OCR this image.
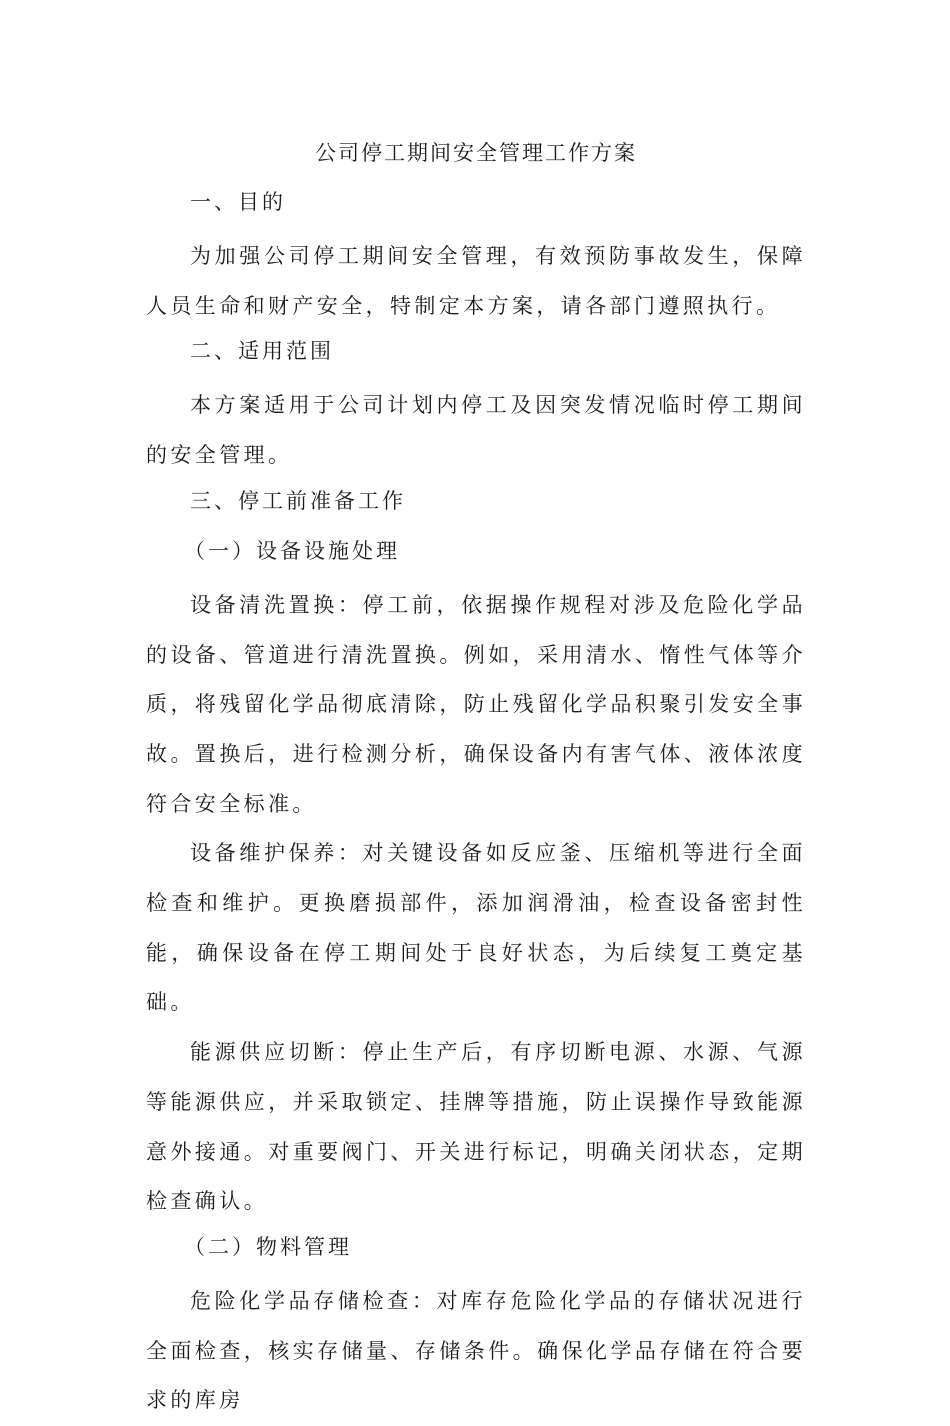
公司停工期间安全管理工作方案

一、目的

为加强公司停工期间安全管理，有效预防事故发生，保障人员生命和财产安全，特制定本方案，请各部门遵照执行。

二、适用范围

本方案适用于公司计划内停工及因突发情况临时停工期间的安全管理。

三、停工前准备工作

（一）设备设施处理

设备清洗置换：停工前，依据操作规程对涉及危险化学品的设备、管道进行清洗置换。例如，采用清水、惰性气体等介质，将残留化学品彻底清除，防止残留化学品积聚引发安全事故。置换后，进行检测分析，确保设备内有害气体、液体浓度符合安全标准。

设备维护保养：对关键设备如反应釜、压缩机等进行全面检查和维护。更换磨损部件，添加润滑油，检查设备密封性能，确保设备在停工期间处于良好状态，为后续复工奠定基础。

能源供应切断：停止生产后，有序切断电源、水源、气源等能源供应，并采取锁定、挂牌等措施，防止误操作导致能源意外接通。对重要阀门、开关进行标记，明确关闭状态，定期检查确认。

（二）物料管理

危险化学品存储检查：对库存危险化学品的存储状况进行全面检查，核实存储量、存储条件。确保化学品存储在符合要求的库房
